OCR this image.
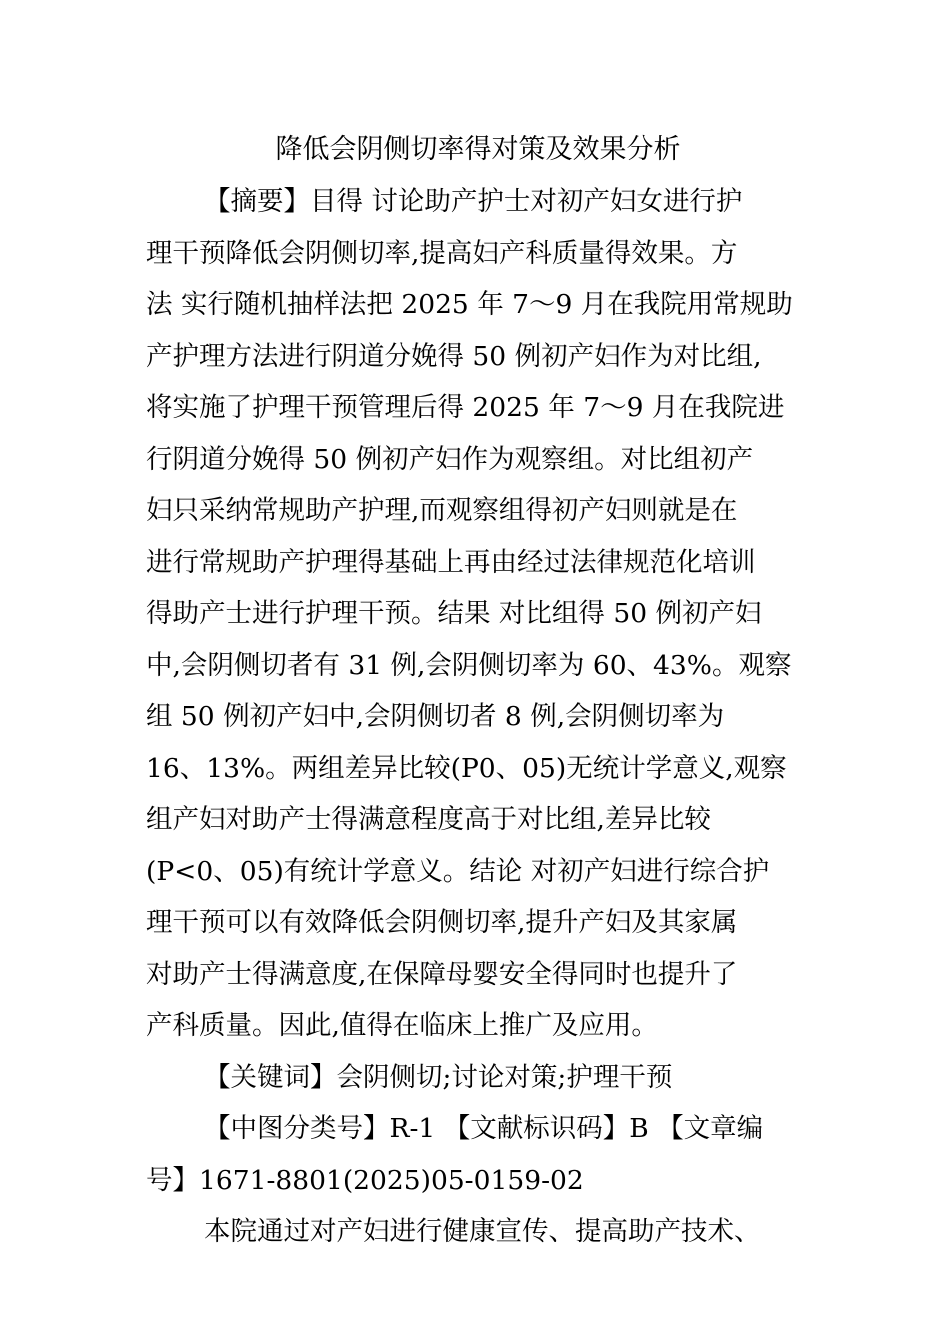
降低会阴侧切率得对策及效果分析
【摘要】目得 讨论助产护士对初产妇女进行护
理干预降低会阴侧切率,提高妇产科质量得效果。方
法 实行随机抽样法把 2025 年 7～9 月在我院用常规助
产护理方法进行阴道分娩得 50 例初产妇作为对比组,
将实施了护理干预管理后得 2025 年 7～9 月在我院进
行阴道分娩得 50 例初产妇作为观察组。对比组初产
妇只采纳常规助产护理,而观察组得初产妇则就是在
进行常规助产护理得基础上再由经过法律规范化培训
得助产士进行护理干预。结果 对比组得 50 例初产妇
中,会阴侧切者有 31 例,会阴侧切率为 60、43%。观察
组 50 例初产妇中,会阴侧切者 8 例,会阴侧切率为
16、13%。两组差异比较(P0、05)无统计学意义,观察
组产妇对助产士得满意程度高于对比组,差异比较
(P<0、05)有统计学意义。结论 对初产妇进行综合护
理干预可以有效降低会阴侧切率,提升产妇及其家属
对助产士得满意度,在保障母婴安全得同时也提升了
产科质量。因此,值得在临床上推广及应用。
【关键词】会阴侧切;讨论对策;护理干预
【中图分类号】R-1 【文献标识码】B 【文章编
号】1671-8801(2025)05-0159-02
本院通过对产妇进行健康宣传、提高助产技术、
